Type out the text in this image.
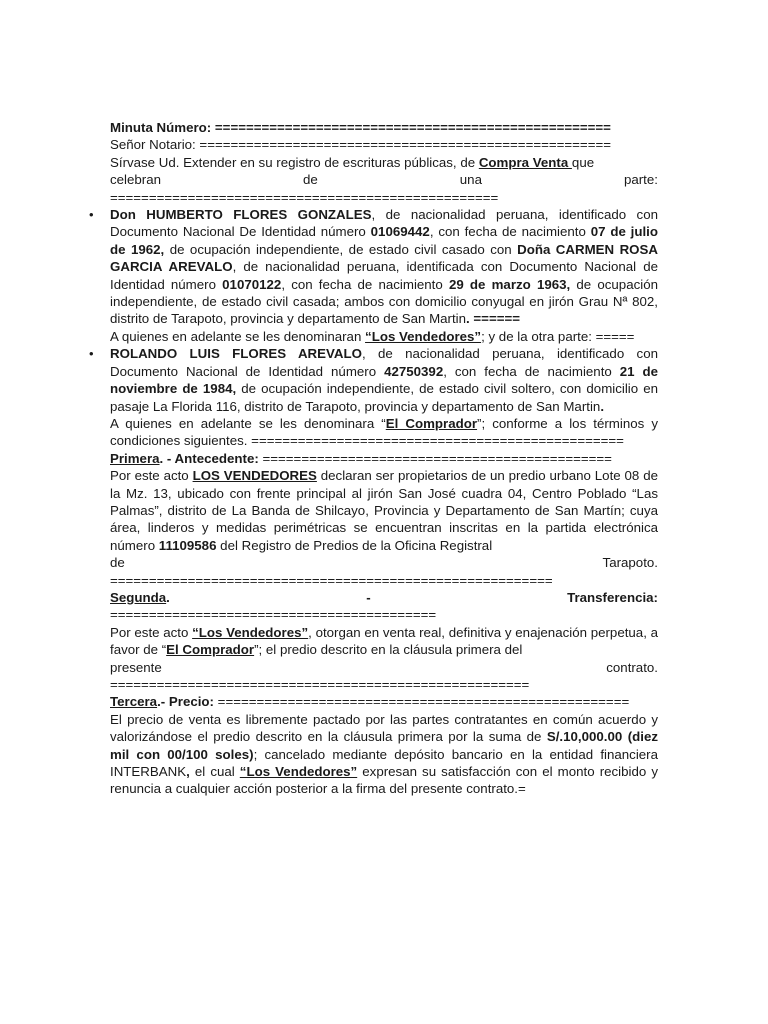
Minuta Número: ===================================================

Señor Notario: =====================================================

Sírvase Ud. Extender en su registro de escrituras públicas, de Compra Venta que

celebran	de	una	parte:

==================================================

• Don HUMBERTO FLORES GONZALES, de nacionalidad peruana, identificado con Documento Nacional De Identidad número 01069442, con fecha de nacimiento 07 de julio de 1962, de ocupación independiente, de estado civil casado con Doña CARMEN ROSA GARCIA AREVALO, de nacionalidad peruana, identificada con Documento Nacional de Identidad número 01070122, con fecha de nacimiento 29 de marzo 1963, de ocupación independiente, de estado civil casada; ambos con domicilio conyugal en jirón Grau Nª 802, distrito de Tarapoto, provincia y departamento de San Martin. ======

A quienes en adelante se les denominaran “Los Vendedores”; y de la otra parte: =====

• ROLANDO LUIS FLORES AREVALO, de nacionalidad peruana, identificado con Documento Nacional de Identidad número 42750392, con fecha de nacimiento 21 de noviembre de 1984, de ocupación independiente, de estado civil soltero, con domicilio en pasaje La Florida 116, distrito de Tarapoto, provincia y departamento de San Martin.

A quienes en adelante se les denominara “El Comprador”; conforme a los términos y condiciones siguientes. ================================================

Primera. - Antecedente: =============================================

Por este acto LOS VENDEDORES declaran ser propietarios de un predio urbano Lote 08 de la Mz. 13, ubicado con frente principal al jirón San José cuadra 04, Centro Poblado “Las Palmas”, distrito de La Banda de Shilcayo, Provincia y Departamento de San Martín; cuya área, linderos y medidas perimétricas se encuentran inscritas en la partida electrónica número 11109586 del Registro de Predios de la Oficina Registral

de	Tarapoto.

=========================================================

Segunda.	-	Transferencia:

==========================================

Por este acto “Los Vendedores”, otorgan en venta real, definitiva y enajenación perpetua, a favor de “El Comprador”; el predio descrito en la cláusula primera del

presente	contrato.

======================================================

Tercera.- Precio: =====================================================

El precio de venta es libremente pactado por las partes contratantes en común acuerdo y valorizándose el predio descrito en la cláusula primera por la suma de S/.10,000.00 (diez mil con 00/100 soles); cancelado mediante depósito bancario en la entidad financiera INTERBANK, el cual “Los Vendedores” expresan su satisfacción con el monto recibido y renuncia a cualquier acción posterior a la firma del presente contrato.=
